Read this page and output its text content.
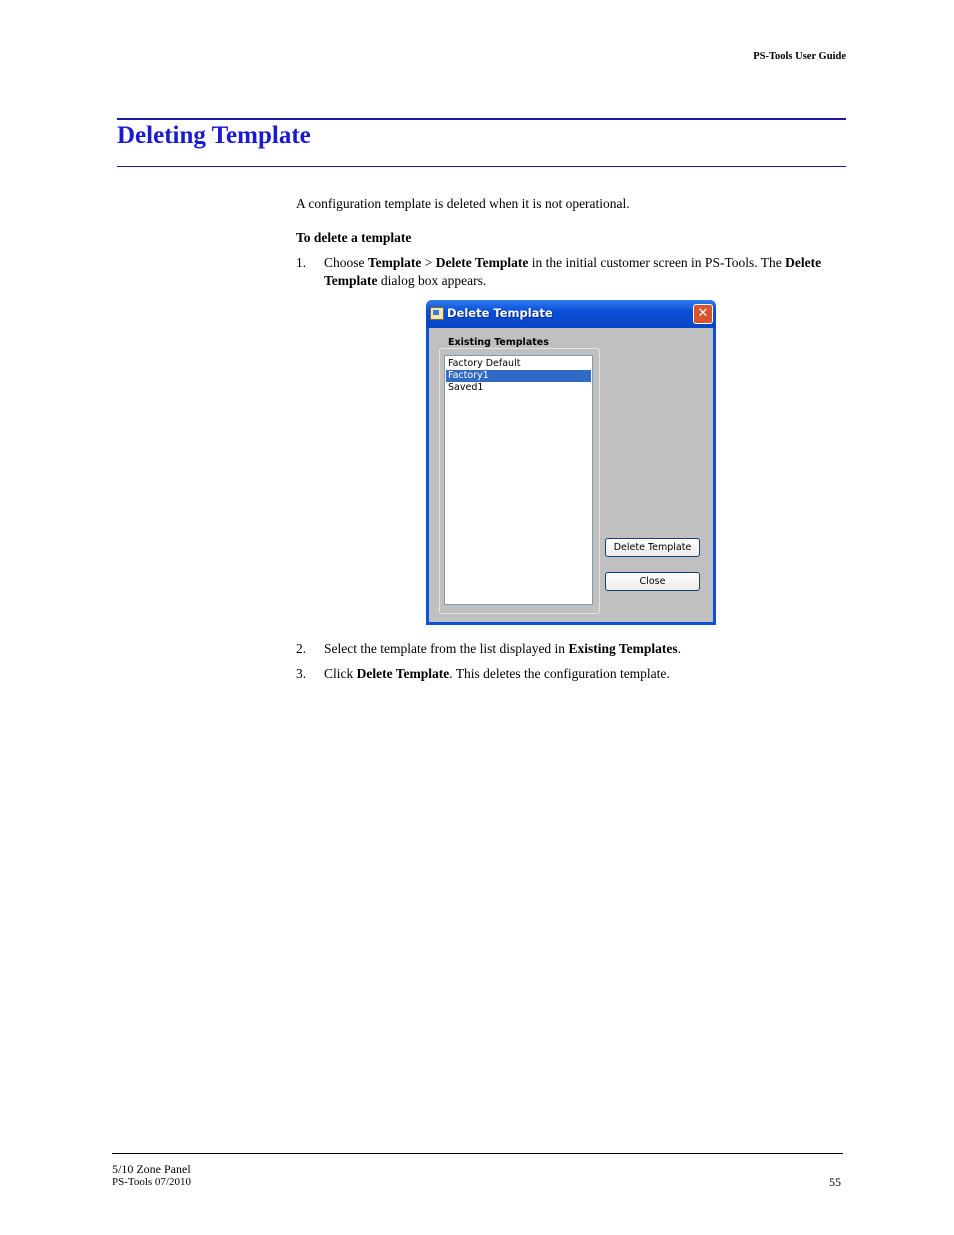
PS-Tools User Guide
Deleting Template
A configuration template is deleted when it is not operational.
To delete a template
1. Choose Template > Delete Template in the initial customer screen in PS-Tools. The Delete Template dialog box appears.
Delete Template	✕
Existing Templates
Factory Default
Factory1
Saved1
Delete Template
Close
2. Select the template from the list displayed in Existing Templates.
3. Click Delete Template. This deletes the configuration template.
5/10 Zone Panel
PS-Tools 07/2010	55
